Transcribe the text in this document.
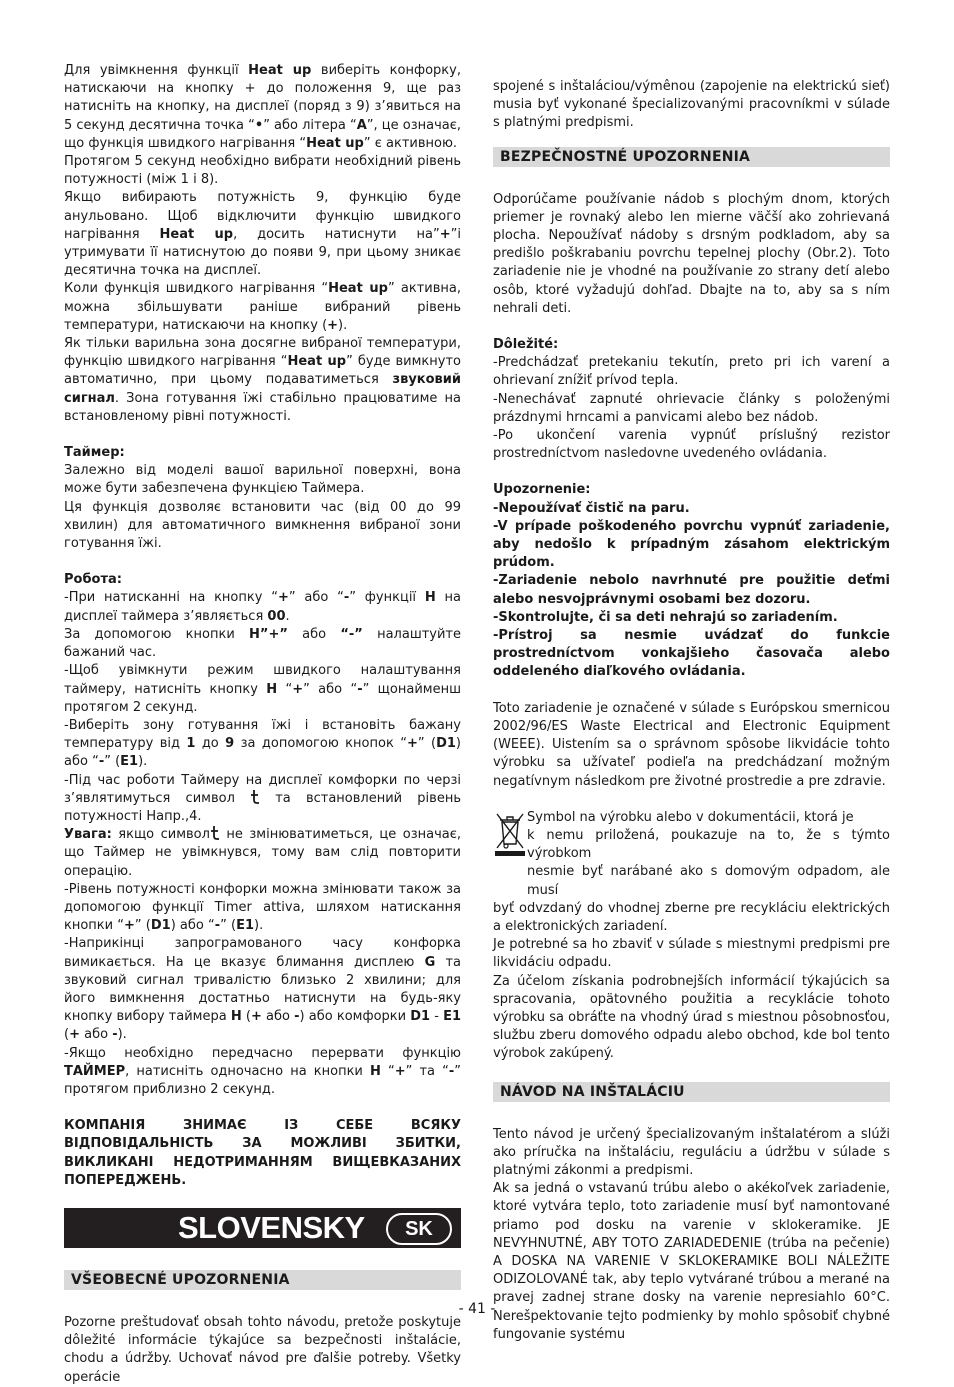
Для увімкнення функції Heat up виберіть конфорку, натискаючи на кнопку + до положення 9, ще раз натисніть на кнопку, на дисплеї (поряд з 9) з’явиться на 5 секунд десятична точка “•” або літера “A”, це означає, що функція швидкого нагрівання “Heat up” є активною.

Протягом 5 секунд необхідно вибрати необхідний рівень потужності (між 1 і 8).

Якщо вибирають потужність 9, функцію буде анульовано. Щоб відключити функцію швидкого нагрівання Heat up, досить натиснути на”+”і утримувати її натиснутою до появи 9, при цьому зникає десятична точка на дисплеї.

Коли функція швидкого нагрівання “Heat up” активна, можна збільшувати раніше вибраний рівень температури, натискаючи на кнопку (+).

Як тільки варильна зона досягне вибраної температури, функцію швидкого нагрівання “Heat up” буде вимкнуто автоматично, при цьому подаватиметься звуковий сигнал. Зона готування їжі стабільно працюватиме на встановленому рівні потужності.

Таймер:

Залежно від моделі вашої варильної поверхні, вона може бути забезпечена функцією Таймера.

Ця функція дозволяє встановити час (від 00 до 99 хвилин) для автоматичного вимкнення вибраної зони готування їжі.

Робота:

-При натисканні на кнопку “+” або “-” функції H на дисплеї таймера з’являється 00.

За допомогою кнопки H”+” або “-” налаштуйте бажаний час.

-Щоб увімкнути режим швидкого налаштування таймеру, натисніть кнопку H “+” або “-” щонайменш протягом 2 секунд.

-Виберіть зону готування їжі і встановіть бажану температуру від 1 до 9 за допомогою кнопок “+” (D1) або “-” (E1).

-Під час роботи Таймеру на дисплеї комфорки по черзі з’являтимуться символ  та встановлений рівень потужності Напр.,4.

Увага: якщо символ не змінюватиметься, це означає, що Таймер не увімкнувся, тому вам слід повторити операцію.

-Рівень потужності конфорки можна змінювати також за допомогою функції Timer attiva, шляхом натискання кнопки “+” (D1) або “-” (E1).

-Наприкінці запрограмованого часу конфорка вимикається. На це вказує блимання дисплею G та звуковий сигнал тривалістю близько 2 хвилини; для його вимкнення достатньо натиснути на будь-яку кнопку вибору таймера H (+ або -) або комфорки D1 - E1 (+ або -).

-Якщо необхідно передчасно перервати функцію ТАЙМЕР, натисніть одночасно на кнопки H “+” та “-” протягом приблизно 2 секунд.

КОМПАНІЯ ЗНИМАЄ ІЗ СЕБЕ ВСЯКУ ВІДПОВІДАЛЬНІСТЬ ЗА МОЖЛИВІ ЗБИТКИ, ВИКЛИКАНІ НЕДОТРИМАННЯМ ВИЩЕВКАЗАНИХ ПОПЕРЕДЖЕНЬ.

SLOVENSKY	SK

VŠEOBECNÉ UPOZORNENIA

Pozorne preštudovať obsah tohto návodu, pretože poskytuje dôležité informácie týkajúce sa bezpečnosti inštalácie, chodu a údržby. Uchovať návod pre ďalšie potreby. Všetky operácie

spojené s inštaláciou/výmênou (zapojenie na elektrickú sieť) musia byť vykonané špecializovanými pracovníkmi v súlade s platnými predpismi.

BEZPEČNOSTNÉ UPOZORNENIA

Odporúčame používanie nádob s plochým dnom, ktorých priemer je rovnaký alebo len mierne väčší ako zohrievaná plocha. Nepoužívať nádoby s drsným podkladom, aby sa predišlo poškrabaniu povrchu tepelnej plochy (Obr.2). Toto zariadenie nie je vhodné na používanie zo strany detí alebo osôb, ktoré vyžadujú dohľad. Dbajte na to, aby sa s ním nehrali deti.

Dôležité:

-Predchádzať pretekaniu tekutín, preto pri ich varení a ohrievaní znížiť prívod tepla.

-Nenechávať zapnuté ohrievacie články s položenými prázdnymi hrncami a panvicami alebo bez nádob.

-Po ukončení varenia vypnúť príslušný rezistor prostredníctvom nasledovne uvedeného ovládania.

Upozornenie:

-Nepoužívať čistič na paru.

-V prípade poškodeného povrchu vypnúť zariadenie, aby nedošlo k prípadným zásahom elektrickým prúdom.

-Zariadenie nebolo navrhnuté pre použitie deťmi alebo nesvojprávnymi osobami bez dozoru.

-Skontrolujte, či sa deti nehrajú so zariadením.

-Prístroj sa nesmie uvádzať do funkcie prostredníctvom vonkajšieho časovača alebo oddeleného diaľkového ovládania.

Toto zariadenie je označené v súlade s Európskou smernicou 2002/96/ES Waste Electrical and Electronic Equipment (WEEE). Uistením sa o správnom spôsobe likvidácie tohto výrobku sa užívateľ podieľa na predchádzaní možným negatívnym následkom pre životné prostredie a pre zdravie.

Symbol na výrobku alebo v dokumentácii, ktorá je

k nemu priložená, poukazuje na to, že s týmto výrobkom

nesmie byť narábané ako s domovým odpadom, ale musí

byť odvzdaný do vhodnej zberne pre recykláciu elektrických a elektronických zariadení.

Je potrebné sa ho zbaviť v súlade s miestnymi predpismi pre likvidáciu odpadu.

Za účelom získania podrobnejších informácií týkajúcich sa spracovania, opätovného použitia a recyklácie tohoto výrobku sa obráťte na vhodný úrad s miestnou pôsobnosťou, službu zberu domového odpadu alebo obchod, kde bol tento výrobok zakúpený.

NÁVOD NA INŠTALÁCIU

Tento návod je určený špecializovaným inštalatérom a slúži ako príručka na inštaláciu, reguláciu a údržbu v súlade s platnými zákonmi a predpismi.

Ak sa jedná o vstavanú trúbu alebo o akékoľvek zariadenie, ktoré vytvára teplo, toto zariadenie musí byť namontované priamo pod dosku na varenie v sklokeramike. JE NEVYHNUTNÉ, ABY TOTO ZARIADEDENIE (trúba na pečenie) A DOSKA NA VARENIE V SKLOKERAMIKE BOLI NÁLEŽITE ODIZOLOVANÉ tak, aby teplo vytvárané trúbou a merané na pravej zadnej strane dosky na varenie nepresiahlo 60°C. Nerešpektovanie tejto podmienky by mohlo spôsobiť chybné fungovanie systému

- 41 -
